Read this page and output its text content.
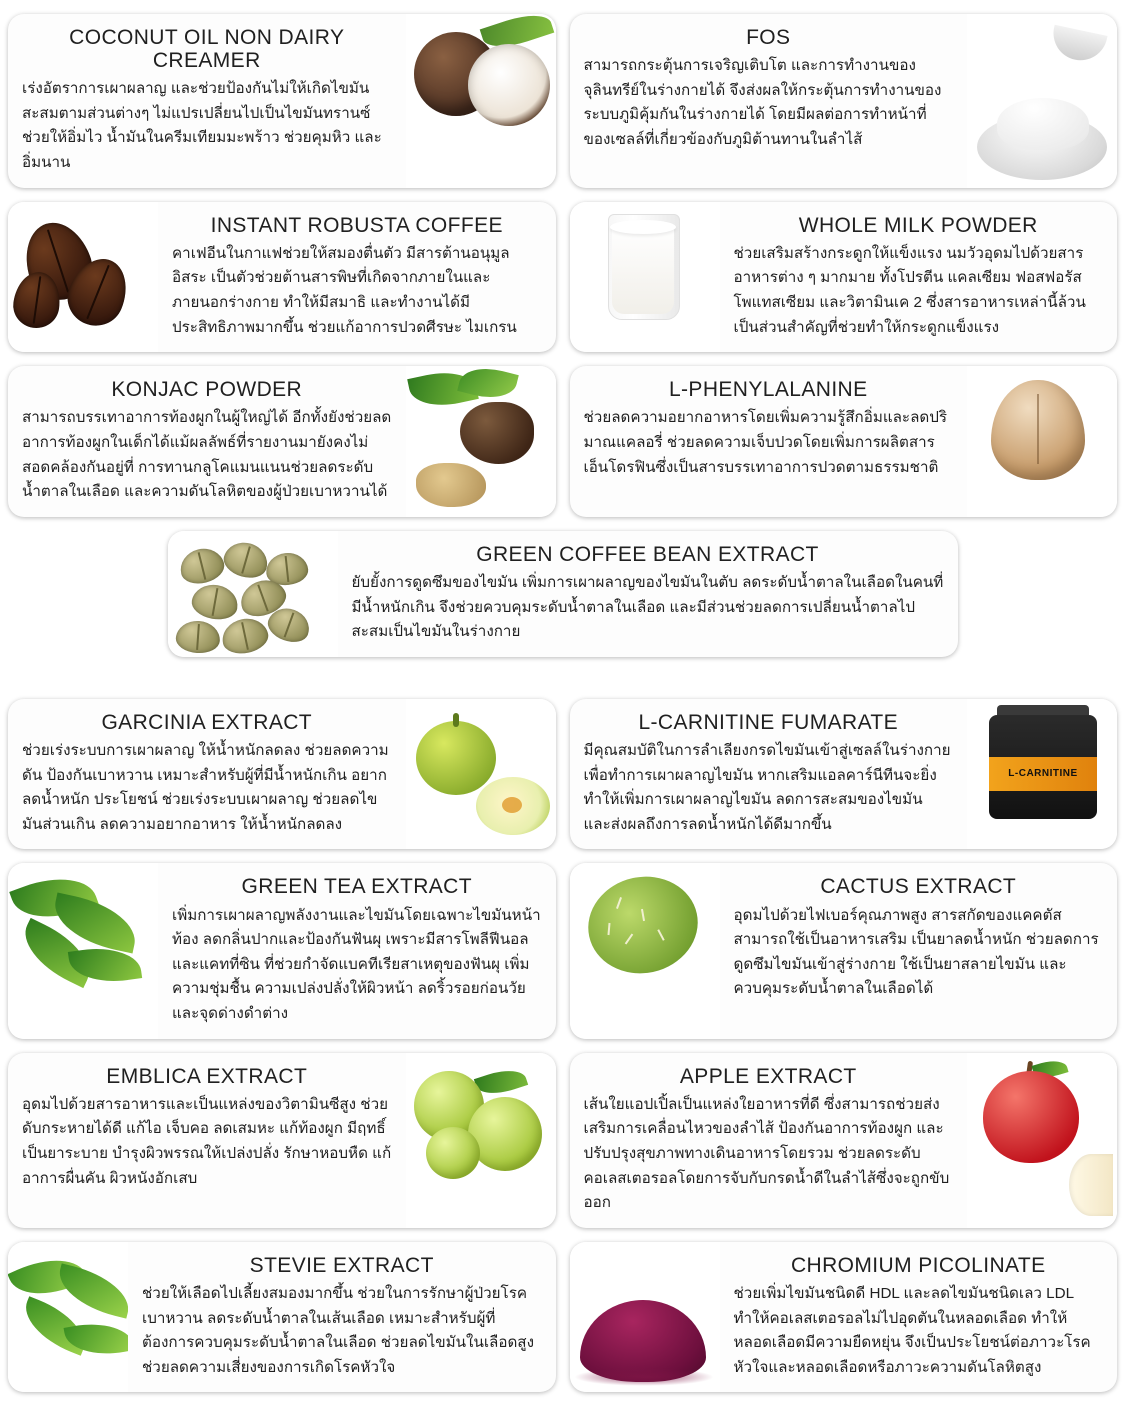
COCONUT OIL NON DAIRY CREAMER
เร่งอัตราการเผาผลาญ และช่วยป้องกันไม่ให้เกิดไขมันสะสมตามส่วนต่างๆ ไม่แปรเปลี่ยนไปเป็นไขมันทรานซ์ ช่วยให้อิ่มไว น้ำมันในครีมเทียมมะพร้าว ช่วยคุมหิว และอิ่มนาน
FOS
สามารถกระตุ้นการเจริญเติบโต และการทำงานของจุลินทรีย์ในร่างกายได้ จึงส่งผลให้กระตุ้นการทำงานของระบบภูมิคุ้มกันในร่างกายได้ โดยมีผลต่อการทำหน้าที่ของเซลล์ที่เกี่ยวข้องกับภูมิต้านทานในลำไส้
INSTANT ROBUSTA COFFEE
คาเฟอีนในกาแฟช่วยให้สมองตื่นตัว มีสารต้านอนุมูลอิสระ เป็นตัวช่วยต้านสารพิษที่เกิดจากภายในและภายนอกร่างกาย ทำให้มีสมาธิ และทำงานได้มีประสิทธิภาพมากขึ้น ช่วยแก้อาการปวดศีรษะ ไมเกรน
WHOLE MILK POWDER
ช่วยเสริมสร้างกระดูกให้แข็งแรง นมวัวอุดมไปด้วยสารอาหารต่าง ๆ มากมาย ทั้งโปรตีน แคลเซียม ฟอสฟอรัส โพแทสเซียม และวิตามินเค 2 ซึ่งสารอาหารเหล่านี้ล้วนเป็นส่วนสำคัญที่ช่วยทำให้กระดูกแข็งแรง
KONJAC POWDER
สามารถบรรเทาอาการท้องผูกในผู้ใหญ่ได้ อีกทั้งยังช่วยลดอาการท้องผูกในเด็กได้แม้ผลลัพธ์ที่รายงานมายังคงไม่สอดคล้องกันอยู่ที่ การทานกลูโคแมนแนนช่วยลดระดับน้ำตาลในเลือด และความดันโลหิตของผู้ป่วยเบาหวานได้
L-PHENYLALANINE
ช่วยลดความอยากอาหารโดยเพิ่มความรู้สึกอิ่มและลดปริมาณแคลอรี่ ช่วยลดความเจ็บปวดโดยเพิ่มการผลิตสารเอ็นโดรฟินซึ่งเป็นสารบรรเทาอาการปวดตามธรรมชาติ
GREEN COFFEE BEAN EXTRACT
ยับยั้งการดูดซึมของไขมัน เพิ่มการเผาผลาญของไขมันในตับ ลดระดับน้ำตาลในเลือดในคนที่มีน้ำหนักเกิน จึงช่วยควบคุมระดับน้ำตาลในเลือด และมีส่วนช่วยลดการเปลี่ยนน้ำตาลไปสะสมเป็นไขมันในร่างกาย
GARCINIA EXTRACT
ช่วยเร่งระบบการเผาผลาญ ให้น้ำหนักลดลง ช่วยลดความดัน ป้องกันเบาหวาน เหมาะสำหรับผู้ที่มีน้ำหนักเกิน อยากลดน้ำหนัก ประโยชน์ ช่วยเร่งระบบเผาผลาญ ช่วยลดไขมันส่วนเกิน ลดความอยากอาหาร ให้น้ำหนักลดลง
L-CARNITINE FUMARATE
มีคุณสมบัติในการลำเลียงกรดไขมันเข้าสู่เซลล์ในร่างกายเพื่อทำการเผาผลาญไขมัน หากเสริมแอลคาร์นีทีนจะยิ่งทำให้เพิ่มการเผาผลาญไขมัน ลดการสะสมของไขมัน และส่งผลถึงการลดน้ำหนักได้ดีมากขึ้น
L-CARNITINE
GREEN TEA EXTRACT
เพิ่มการเผาผลาญพลังงานและไขมันโดยเฉพาะไขมันหน้าท้อง ลดกลิ่นปากและป้องกันฟันผุ เพราะมีสารโพลีฟีนอลและแคทที่ซิน ที่ช่วยกำจัดแบคทีเรียสาเหตุของฟันผุ เพิ่มความชุ่มชื้น ความเปล่งปลั่งให้ผิวหน้า ลดริ้วรอยก่อนวัยและจุดด่างดำต่าง
CACTUS EXTRACT
อุดมไปด้วยไฟเบอร์คุณภาพสูง สารสกัดของแคคตัสสามารถใช้เป็นอาหารเสริม เป็นยาลดน้ำหนัก ช่วยลดการดูดซึมไขมันเข้าสู่ร่างกาย ใช้เป็นยาสลายไขมัน และควบคุมระดับน้ำตาลในเลือดได้
EMBLICA EXTRACT
อุดมไปด้วยสารอาหารและเป็นแหล่งของวิตามินซีสูง ช่วยดับกระหายได้ดี แก้ไอ เจ็บคอ ลดเสมหะ แก้ท้องผูก มีฤทธิ์เป็นยาระบาย บำรุงผิวพรรณให้เปล่งปลั่ง รักษาหอบหืด แก้อาการผื่นคัน ผิวหนังอักเสบ
APPLE EXTRACT
เส้นใยแอปเปิ้ลเป็นแหล่งใยอาหารที่ดี ซึ่งสามารถช่วยส่งเสริมการเคลื่อนไหวของลำไส้ ป้องกันอาการท้องผูก และปรับปรุงสุขภาพทางเดินอาหารโดยรวม ช่วยลดระดับคอเลสเตอรอลโดยการจับกับกรดน้ำดีในลำไส้ซึ่งจะถูกขับออก
STEVIE EXTRACT
ช่วยให้เลือดไปเลี้ยงสมองมากขึ้น ช่วยในการรักษาผู้ป่วยโรคเบาหวาน ลดระดับน้ำตาลในเส้นเลือด เหมาะสำหรับผู้ที่ต้องการควบคุมระดับน้ำตาลในเลือด ช่วยลดไขมันในเลือดสูง ช่วยลดความเสี่ยงของการเกิดโรคหัวใจ
CHROMIUM PICOLINATE
ช่วยเพิ่มไขมันชนิดดี HDL และลดไขมันชนิดเลว LDL ทำให้คอเลสเตอรอลไม่ไปอุดตันในหลอดเลือด ทำให้หลอดเลือดมีความยืดหยุ่น จึงเป็นประโยชน์ต่อภาวะโรคหัวใจและหลอดเลือดหรือภาวะความดันโลหิตสูง
